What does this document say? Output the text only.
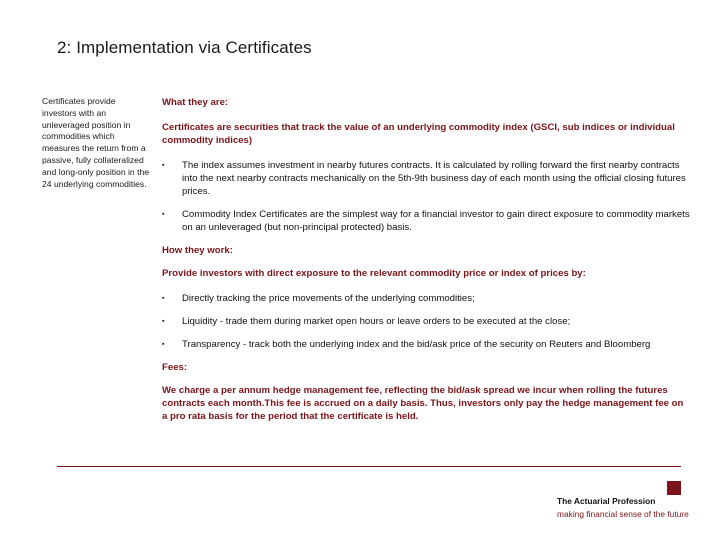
2: Implementation via Certificates

Certificates provide investors with an unleveraged position in commodities which measures the return from a passive, fully collateralized and long-only position in the 24 underlying commodities.

What they are:

Certificates are securities that track the value of an underlying commodity index (GSCI, sub indices or individual commodity indices)

▪ The index assumes investment in nearby futures contracts. It is calculated by rolling forward the first nearby contracts into the next nearby contracts mechanically on the 5th-9th business day of each month using the official closing futures prices.
▪ Commodity Index Certificates are the simplest way for a financial investor to gain direct exposure to commodity markets on an unleveraged (but non-principal protected) basis.

How they work:

Provide investors with direct exposure to the relevant commodity price or index of prices by:

▪ Directly tracking the price movements of the underlying commodities;
▪ Liquidity - trade them during market open hours or leave orders to be executed at the close;
▪ Transparency - track both the underlying index and the bid/ask price of the security on Reuters and Bloomberg

Fees:

We charge a per annum hedge management fee, reflecting the bid/ask spread we incur when rolling the futures contracts each month.This fee is accrued on a daily basis. Thus, investors only pay the hedge management fee on a pro rata basis for the period that the certificate is held.

The Actuarial Profession
making financial sense of the future
